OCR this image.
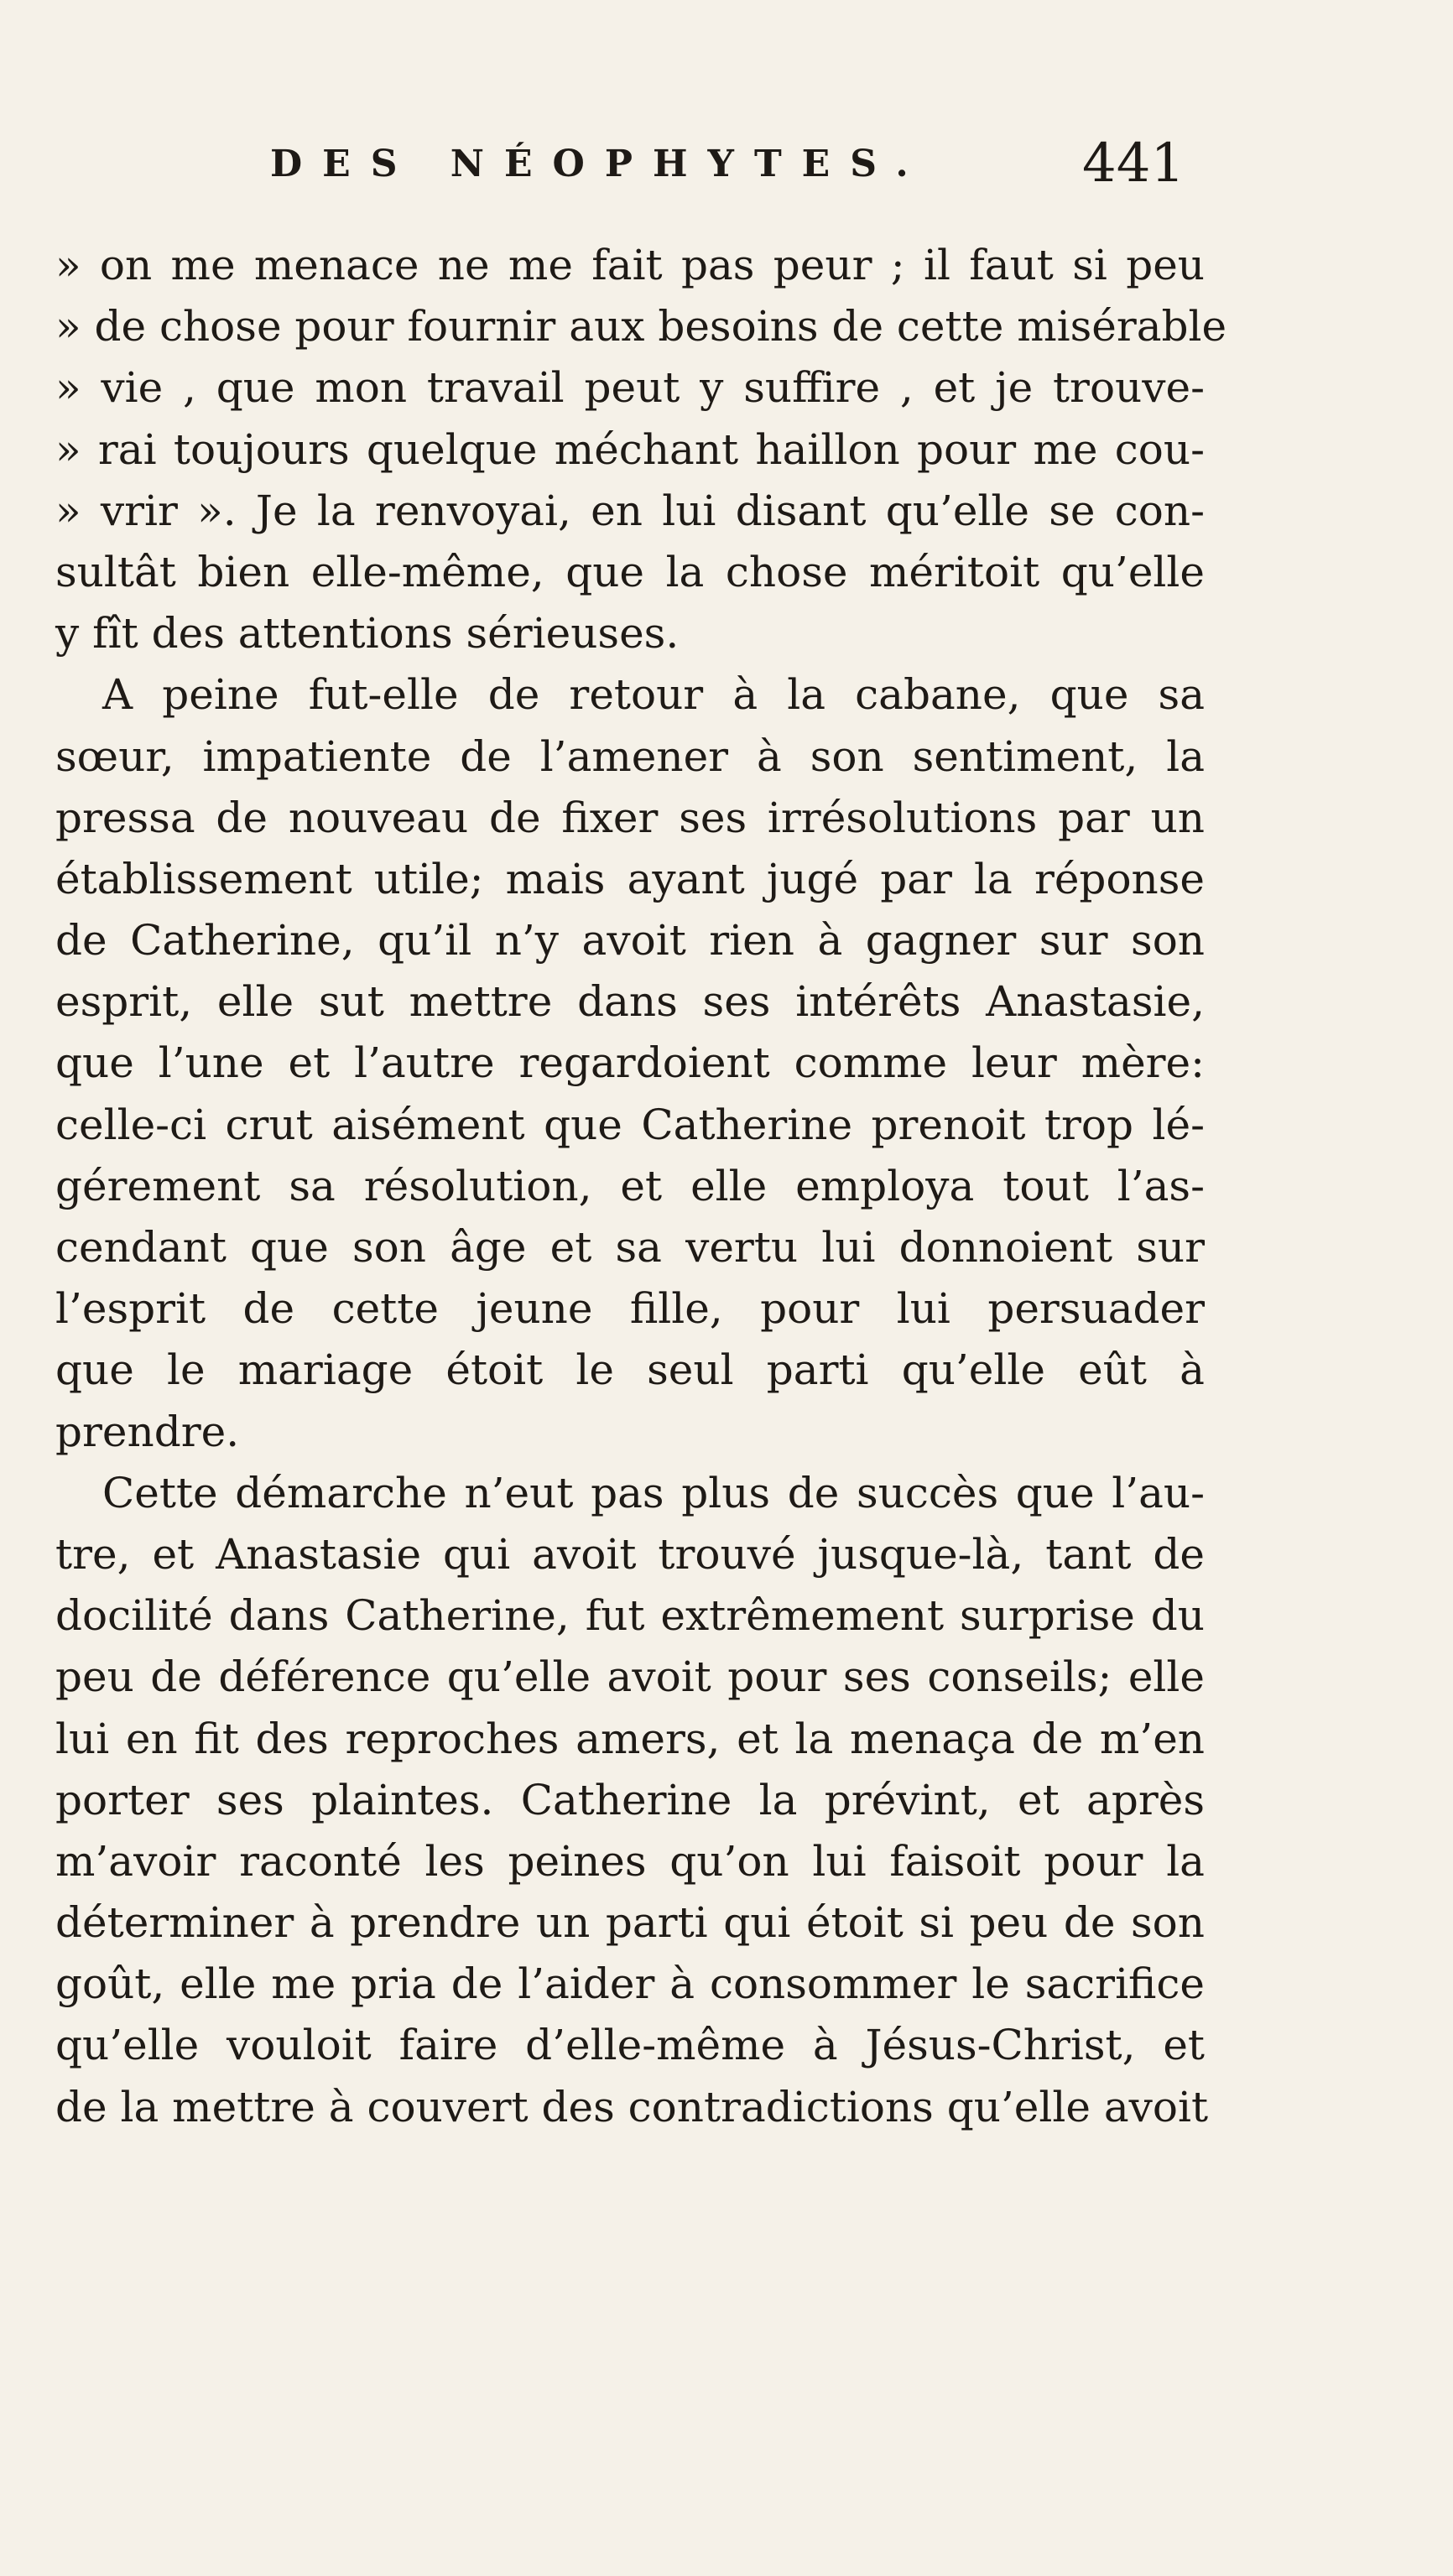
DES NÉOPHYTES.	441
» on me menace ne me fait pas peur ; il faut si peu
» de chose pour fournir aux besoins de cette misérable
» vie , que mon travail peut y suffire , et je trouve-
» rai toujours quelque méchant haillon pour me cou-
» vrir ». Je la renvoyai, en lui disant qu’elle se con-
sultât bien elle-même, que la chose méritoit qu’elle
y fît des attentions sérieuses.
A peine fut-elle de retour à la cabane, que sa
sœur, impatiente de l’amener à son sentiment, la
pressa de nouveau de fixer ses irrésolutions par un
établissement utile; mais ayant jugé par la réponse
de Catherine, qu’il n’y avoit rien à gagner sur son
esprit, elle sut mettre dans ses intérêts Anastasie,
que l’une et l’autre regardoient comme leur mère:
celle-ci crut aisément que Catherine prenoit trop lé-
gérement sa résolution, et elle employa tout l’as-
cendant que son âge et sa vertu lui donnoient sur
l’esprit de cette jeune fille, pour lui persuader
que le mariage étoit le seul parti qu’elle eût à
prendre.
Cette démarche n’eut pas plus de succès que l’au-
tre, et Anastasie qui avoit trouvé jusque-là, tant de
docilité dans Catherine, fut extrêmement surprise du
peu de déférence qu’elle avoit pour ses conseils; elle
lui en fit des reproches amers, et la menaça de m’en
porter ses plaintes. Catherine la prévint, et après
m’avoir raconté les peines qu’on lui faisoit pour la
déterminer à prendre un parti qui étoit si peu de son
goût, elle me pria de l’aider à consommer le sacrifice
qu’elle vouloit faire d’elle-même à Jésus-Christ, et
de la mettre à couvert des contradictions qu’elle avoit
